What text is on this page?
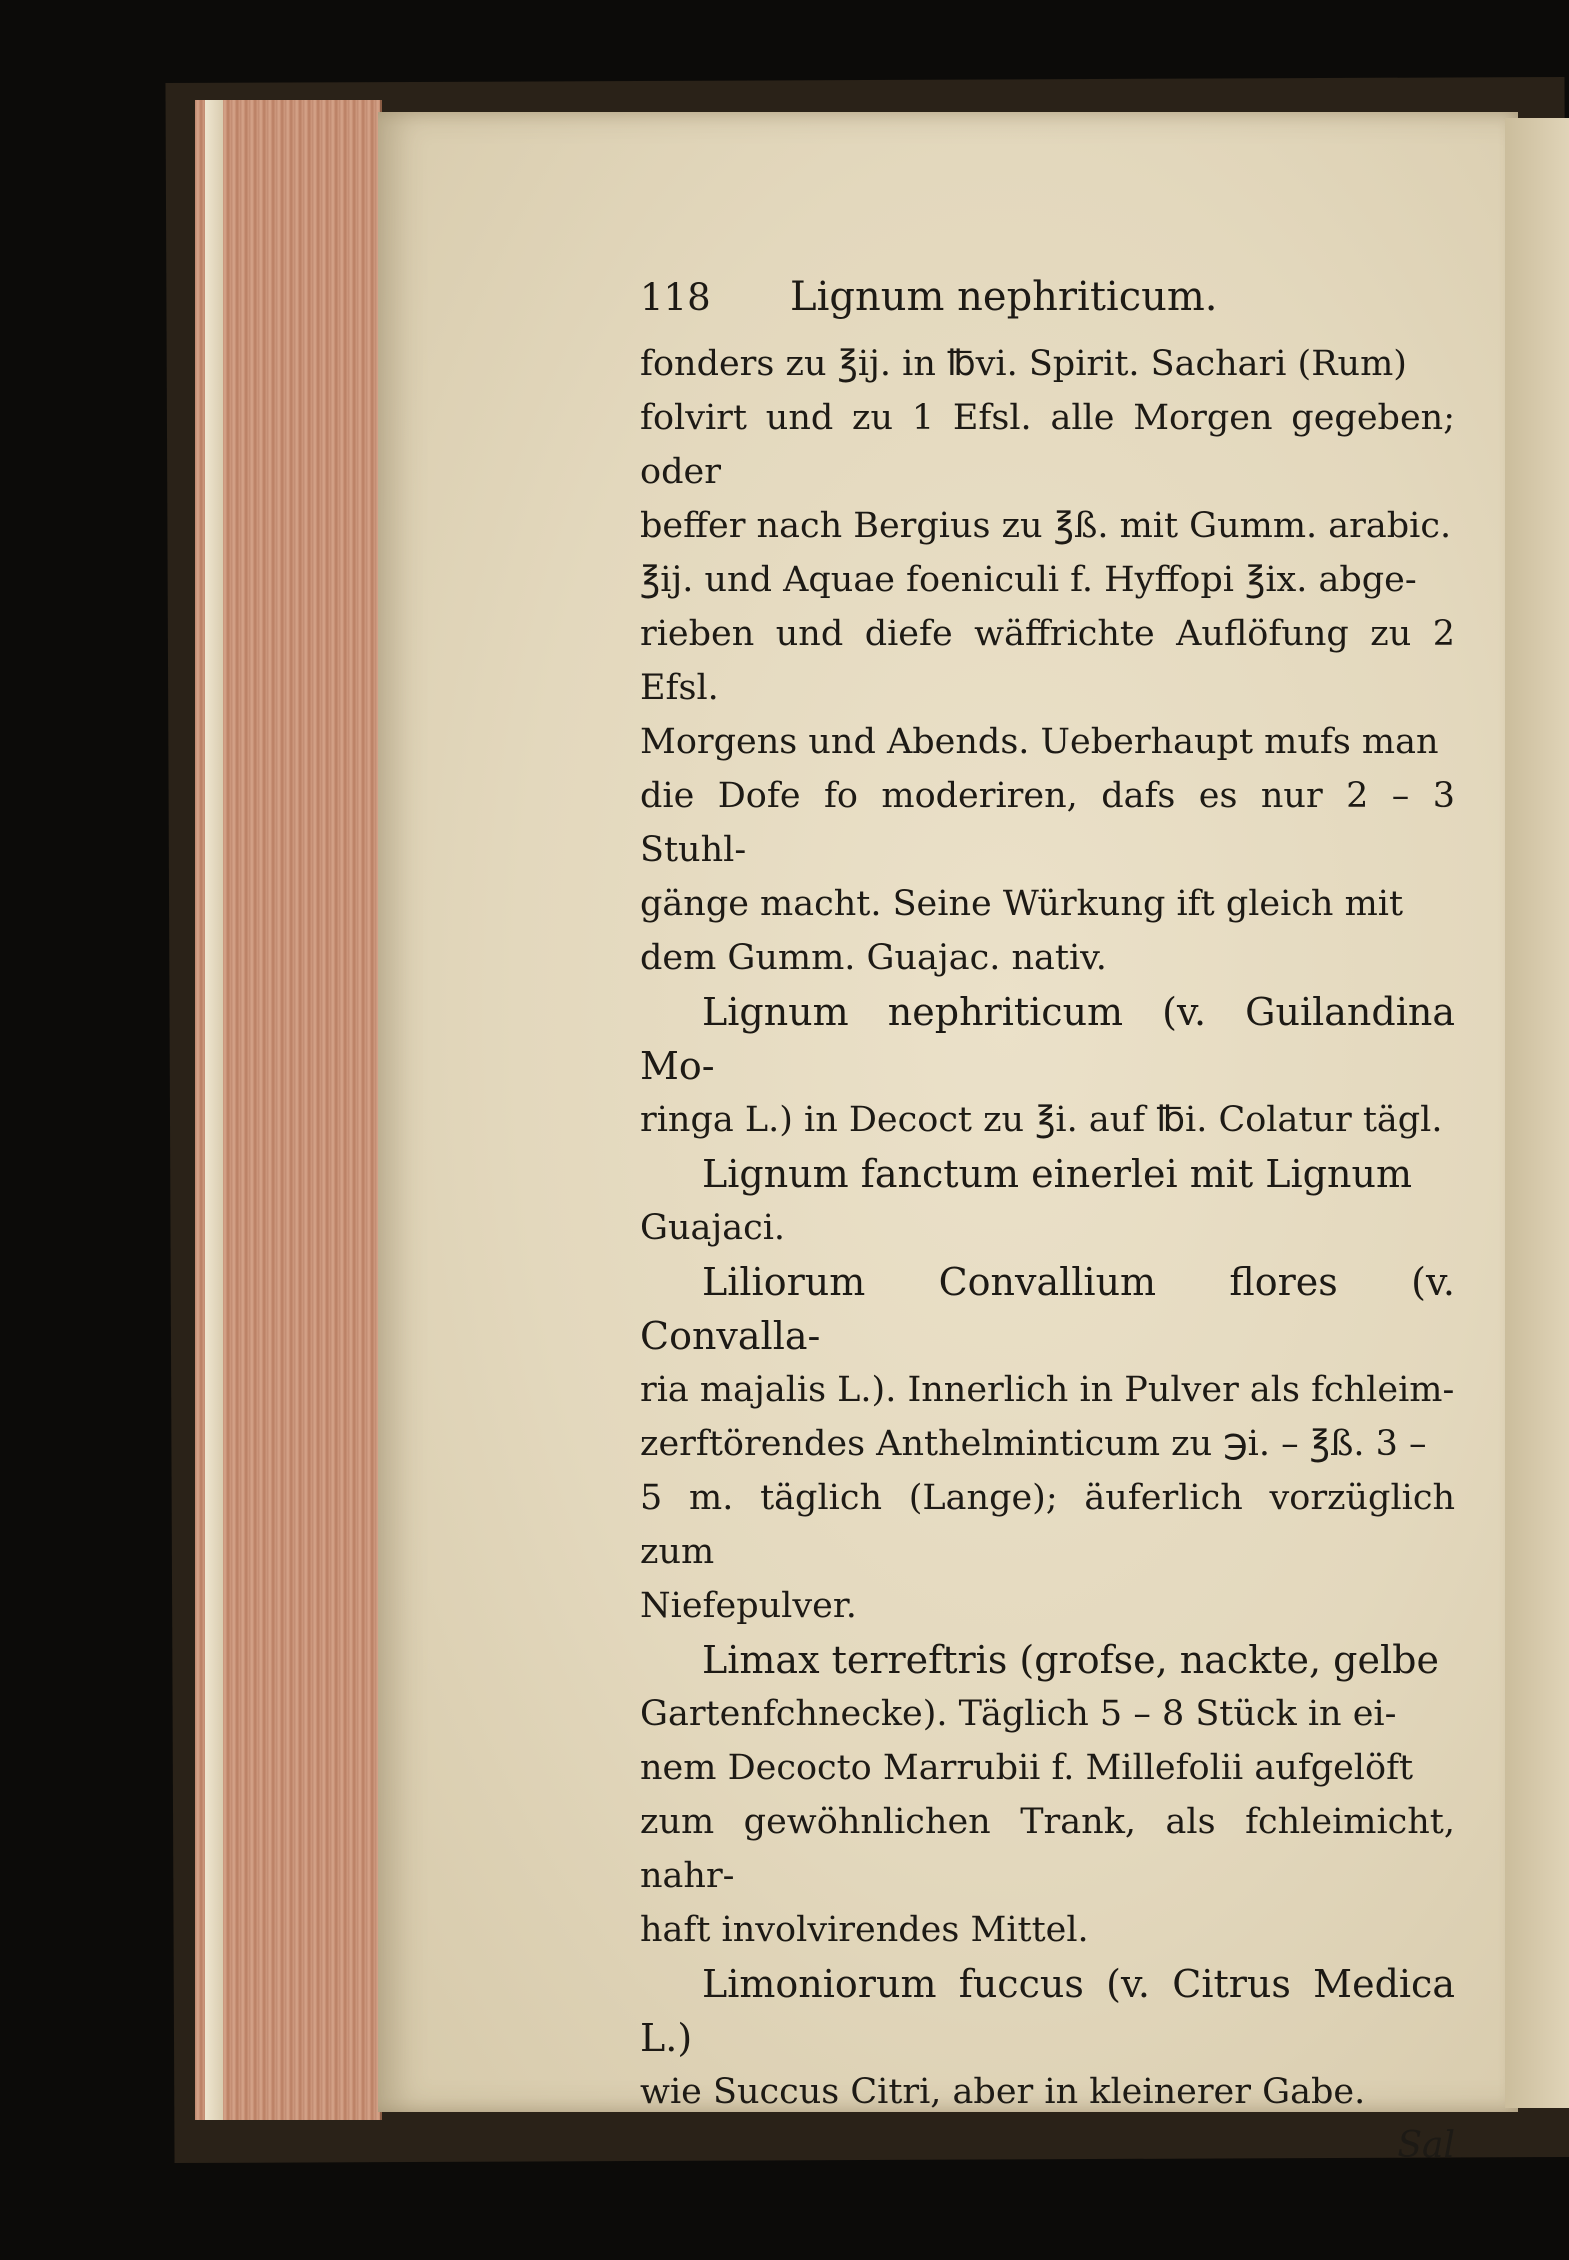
118	Lignum nephriticum.
fonders zu ℥ij. in ℔vi. Spirit. Sachari (Rum)
folvirt und zu 1 Efsl. alle Morgen gegeben; oder
beffer nach Bergius zu ℥ß. mit Gumm. arabic.
℥ij. und Aquae foeniculi f. Hyffopi ℥ix. abge-
rieben und diefe wäffrichte Auflöfung zu 2 Efsl.
Morgens und Abends. Ueberhaupt mufs man
die Dofe fo moderiren, dafs es nur 2 – 3 Stuhl-
gänge macht. Seine Würkung ift gleich mit
dem Gumm. Guajac. nativ.
Lignum nephriticum (v. Guilandina Mo-
ringa L.) in Decoct zu ℥i. auf ℔i. Colatur tägl.
Lignum fanctum einerlei mit Lignum
Guajaci.
Liliorum Convallium flores (v. Convalla-
ria majalis L.). Innerlich in Pulver als fchleim-
zerftörendes Anthelminticum zu ℈i. – ℥ß. 3 –
5 m. täglich (Lange); äuferlich vorzüglich zum
Niefepulver.
Limax terreftris (grofse, nackte, gelbe
Gartenfchnecke). Täglich 5 – 8 Stück in ei-
nem Decocto Marrubii f. Millefolii aufgelöft
zum gewöhnlichen Trank, als fchleimicht, nahr-
haft involvirendes Mittel.
Limoniorum fuccus (v. Citrus Medica L.)
wie Succus Citri, aber in kleinerer Gabe.
Sal
